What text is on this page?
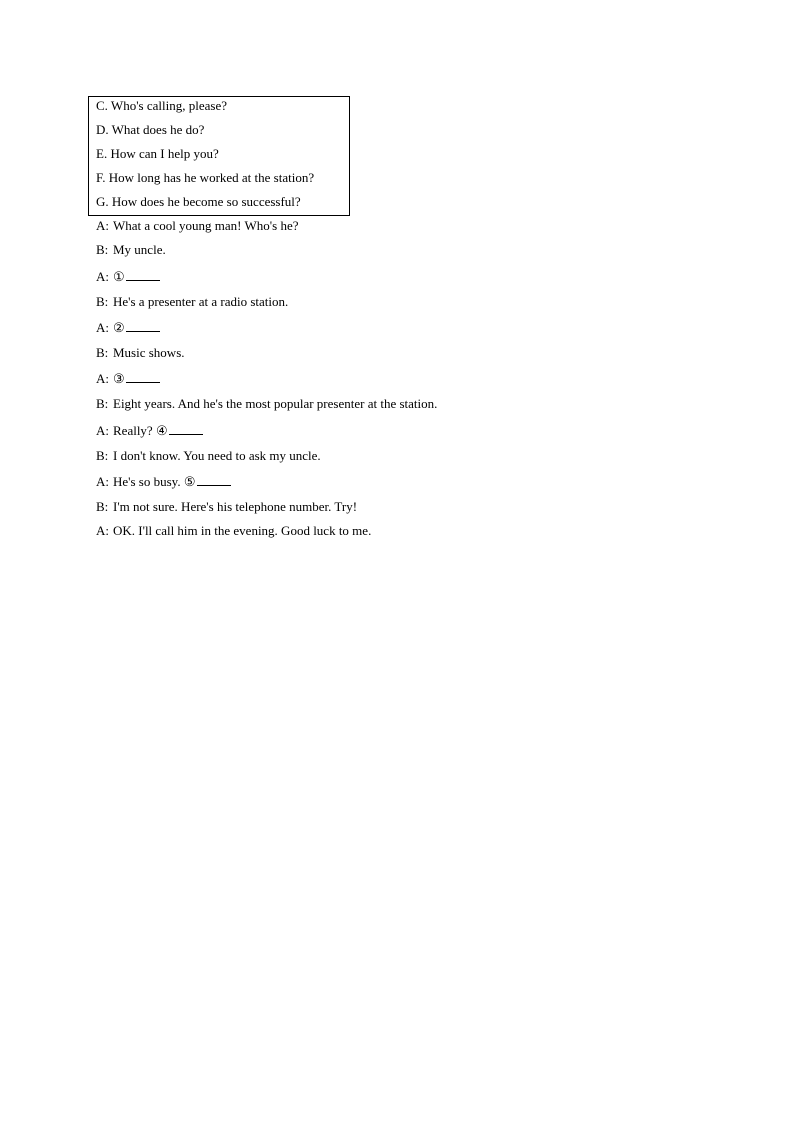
C. Who's calling, please?
D. What does he do?
E. How can I help you?
F. How long has he worked at the station?
G. How does he become so successful?
A: What a cool young man! Who's he?
B: My uncle.
A: ①
B: He's a presenter at a radio station.
A: ②
B: Music shows.
A: ③
B: Eight years. And he's the most popular presenter at the station.
A: Really? ④
B: I don't know. You need to ask my uncle.
A: He's so busy. ⑤
B: I'm not sure. Here's his telephone number. Try!
A: OK. I'll call him in the evening. Good luck to me.
